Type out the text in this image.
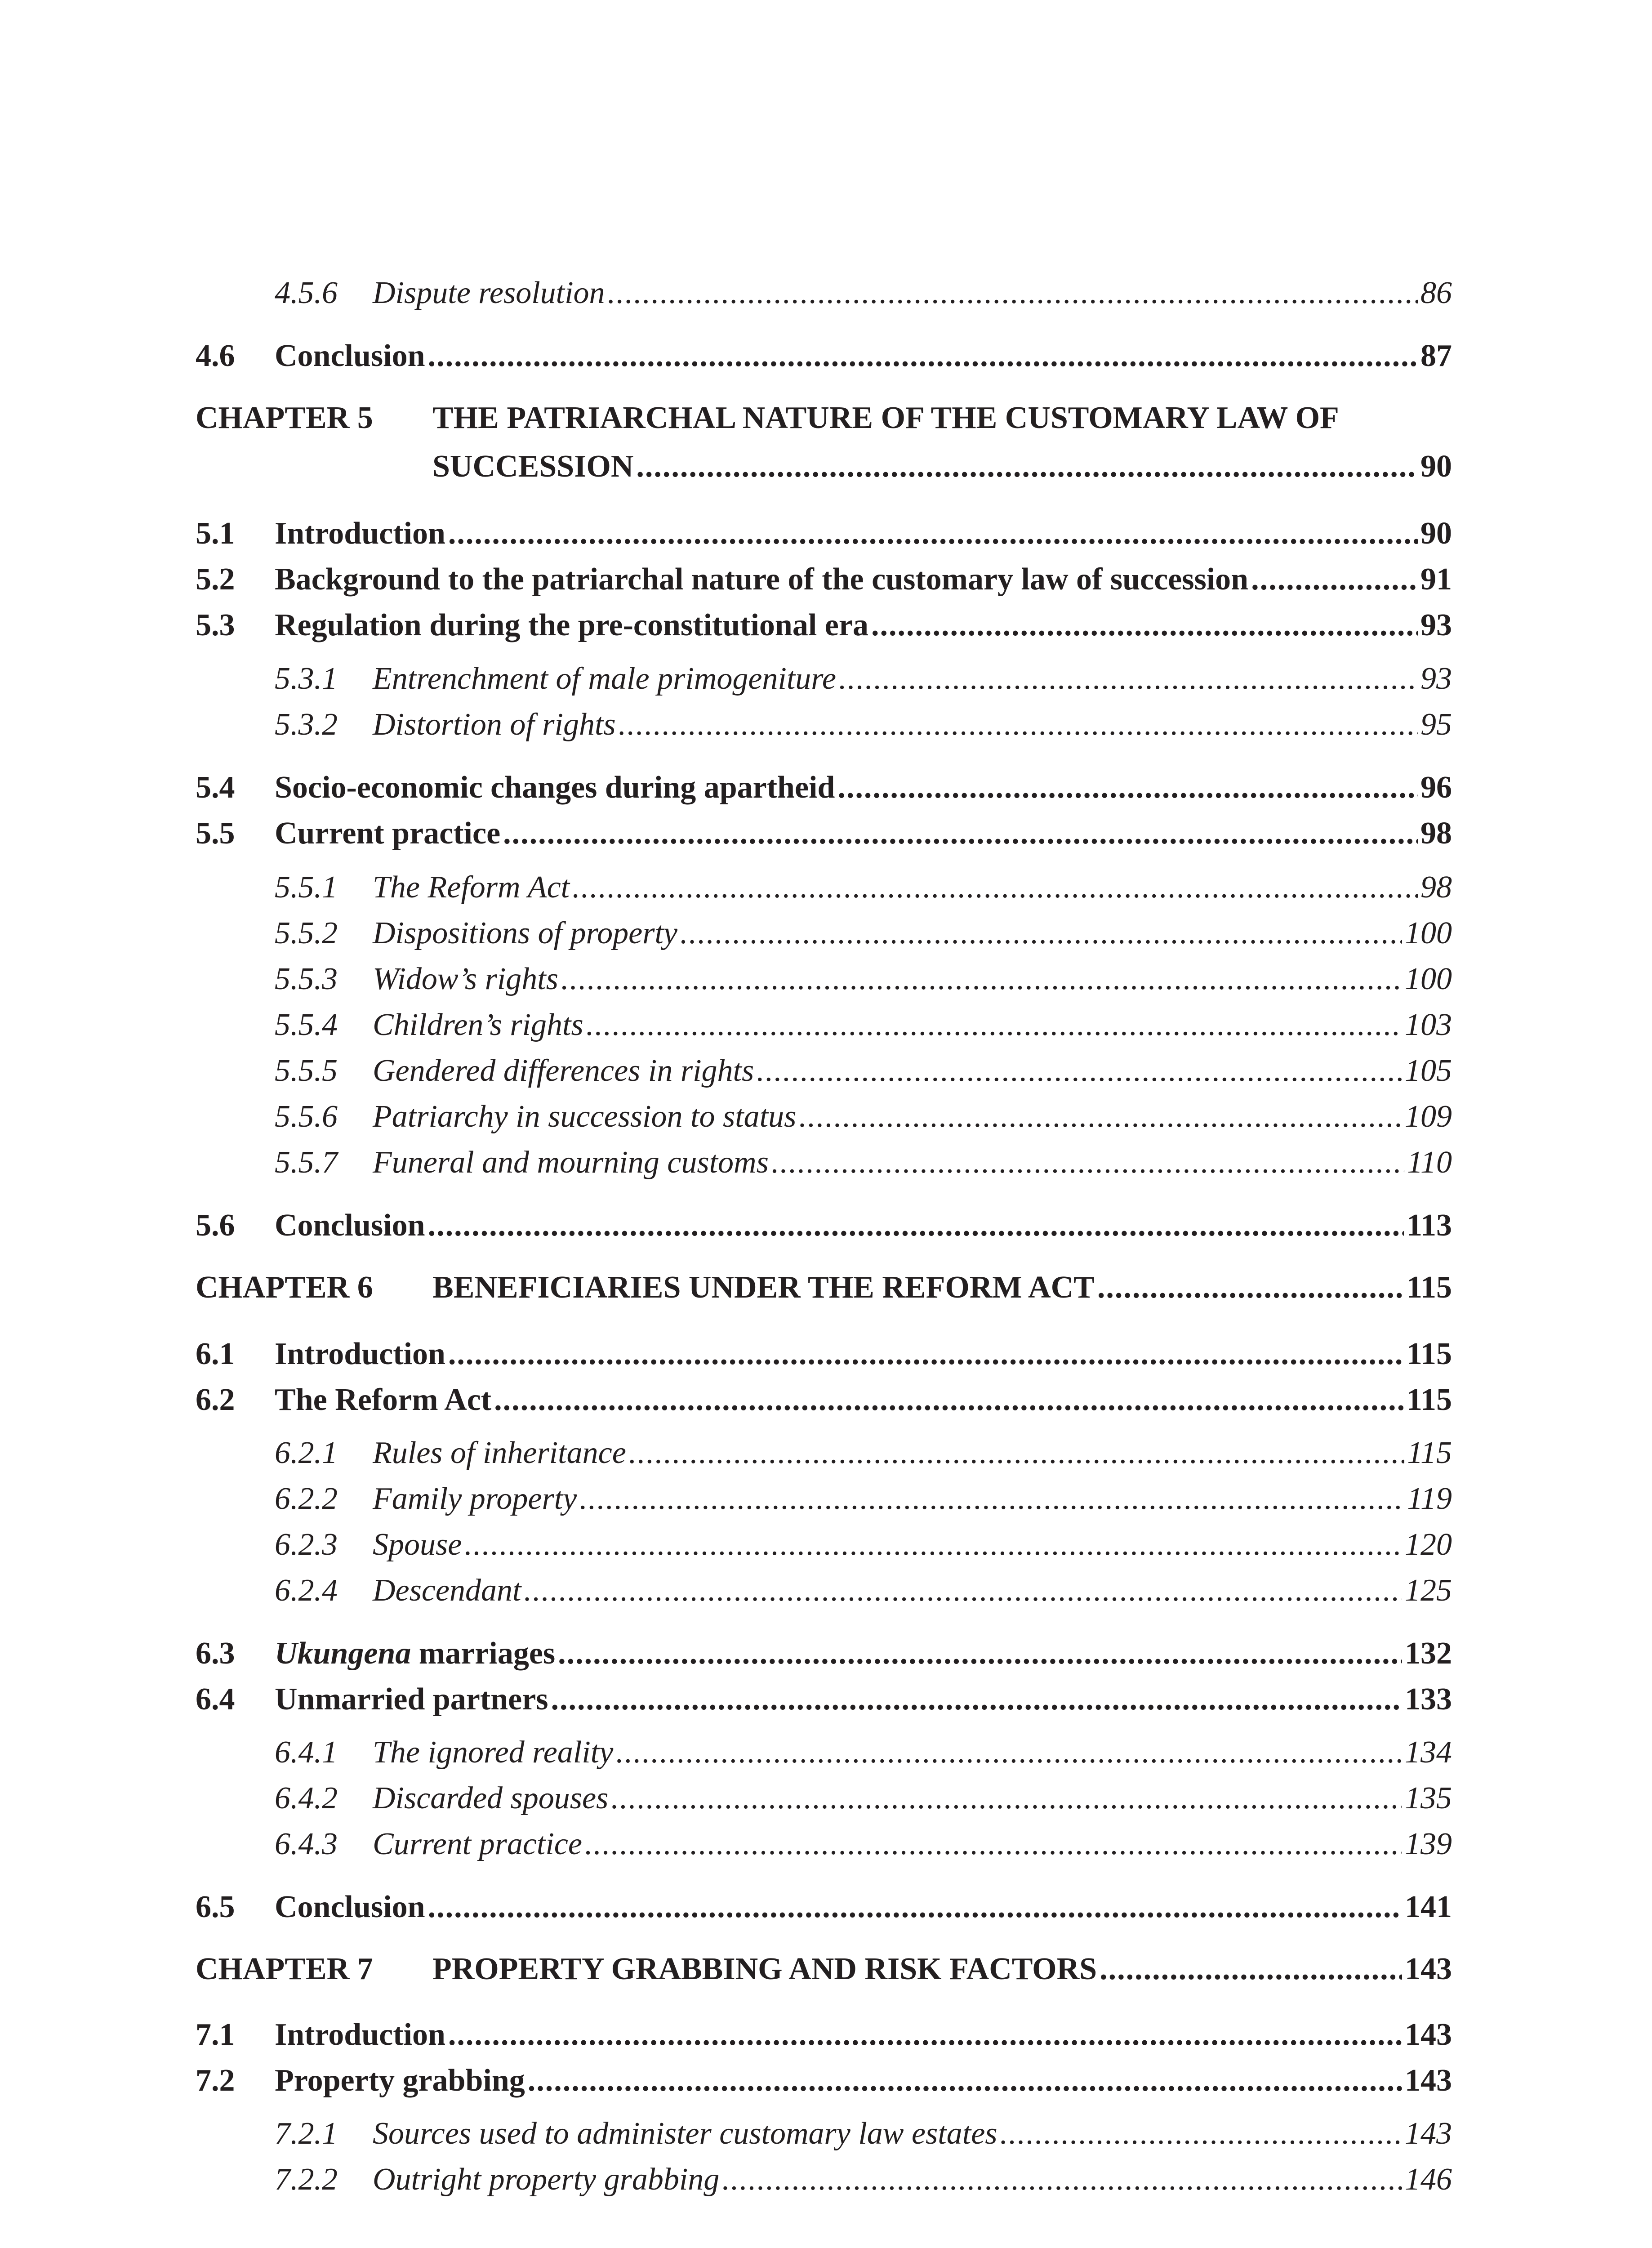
4.5.6	Dispute resolution .....	86
4.6	Conclusion .....	87
CHAPTER 5	THE PATRIARCHAL NATURE OF THE CUSTOMARY LAW OF
SUCCESSION .....	90
5.1	Introduction .....	90
5.2	Background to the patriarchal nature of the customary law of succession .....	91
5.3	Regulation during the pre-constitutional era .....	93
5.3.1	Entrenchment of male primogeniture .....	93
5.3.2	Distortion of rights .....	95
5.4	Socio-economic changes during apartheid .....	96
5.5	Current practice .....	98
5.5.1	The Reform Act .....	98
5.5.2	Dispositions of property .....	100
5.5.3	Widow’s rights .....	100
5.5.4	Children’s rights .....	103
5.5.5	Gendered differences in rights .....	105
5.5.6	Patriarchy in succession to status .....	109
5.5.7	Funeral and mourning customs .....	110
5.6	Conclusion .....	113
CHAPTER 6	BENEFICIARIES UNDER THE REFORM ACT .....	115
6.1	Introduction .....	115
6.2	The Reform Act .....	115
6.2.1	Rules of inheritance .....	115
6.2.2	Family property .....	119
6.2.3	Spouse .....	120
6.2.4	Descendant .....	125
6.3	Ukungena marriages .....	132
6.4	Unmarried partners .....	133
6.4.1	The ignored reality .....	134
6.4.2	Discarded spouses .....	135
6.4.3	Current practice .....	139
6.5	Conclusion .....	141
CHAPTER 7	PROPERTY GRABBING AND RISK FACTORS .....	143
7.1	Introduction .....	143
7.2	Property grabbing .....	143
7.2.1	Sources used to administer customary law estates .....	143
7.2.2	Outright property grabbing .....	146
